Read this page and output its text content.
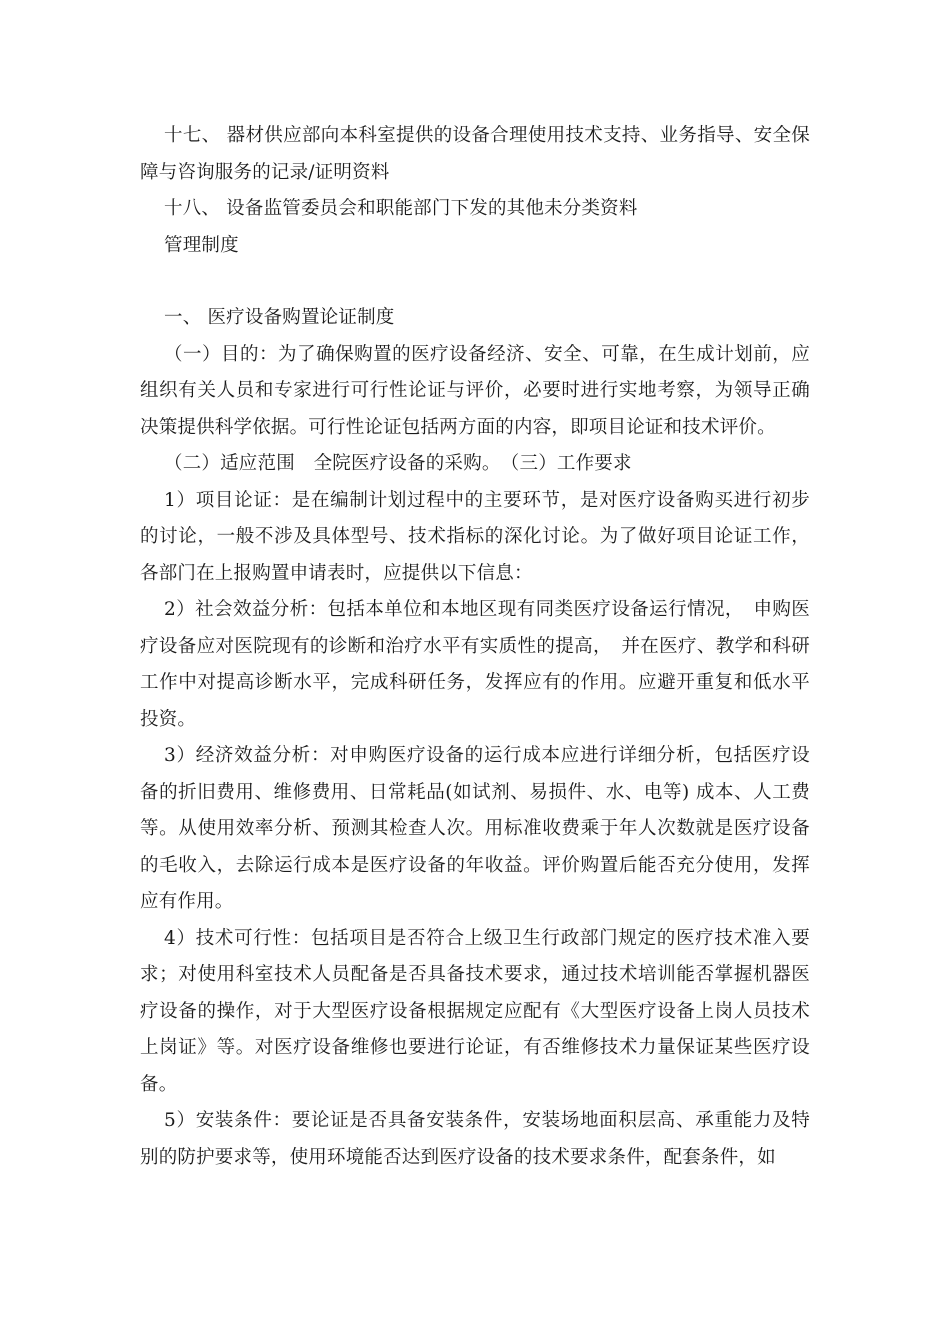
十七、 器材供应部向本科室提供的设备合理使用技术支持、业务指导、安全保障与咨询服务的记录/证明资料

十八、 设备监管委员会和职能部门下发的其他未分类资料

管理制度

一、 医疗设备购置论证制度

（一）目的：为了确保购置的医疗设备经济、安全、可靠，在生成计划前，应组织有关人员和专家进行可行性论证与评价，必要时进行实地考察，为领导正确决策提供科学依据。可行性论证包括两方面的内容，即项目论证和技术评价。

（二）适应范围　全院医疗设备的采购。　（三）工作要求

1）项目论证：是在编制计划过程中的主要环节，是对医疗设备购买进行初步的讨论，一般不涉及具体型号、技术指标的深化讨论。为了做好项目论证工作，各部门在上报购置申请表时，应提供以下信息：

2）社会效益分析：包括本单位和本地区现有同类医疗设备运行情况，　申购医疗设备应对医院现有的诊断和治疗水平有实质性的提高，　并在医疗、教学和科研工作中对提高诊断水平，完成科研任务，发挥应有的作用。应避开重复和低水平投资。

3）经济效益分析：对申购医疗设备的运行成本应进行详细分析，包括医疗设备的折旧费用、维修费用、日常耗品(如试剂、易损件、水、电等) 成本、人工费等。从使用效率分析、预测其检查人次。用标准收费乘于年人次数就是医疗设备的毛收入，去除运行成本是医疗设备的年收益。评价购置后能否充分使用，发挥应有作用。

4）技术可行性：包括项目是否符合上级卫生行政部门规定的医疗技术准入要求；对使用科室技术人员配备是否具备技术要求，通过技术培训能否掌握机器医疗设备的操作，对于大型医疗设备根据规定应配有《大型医疗设备上岗人员技术上岗证》等。对医疗设备维修也要进行论证，有否维修技术力量保证某些医疗设备。

5）安装条件：要论证是否具备安装条件，安装场地面积层高、承重能力及特别的防护要求等，使用环境能否达到医疗设备的技术要求条件，配套条件，如
